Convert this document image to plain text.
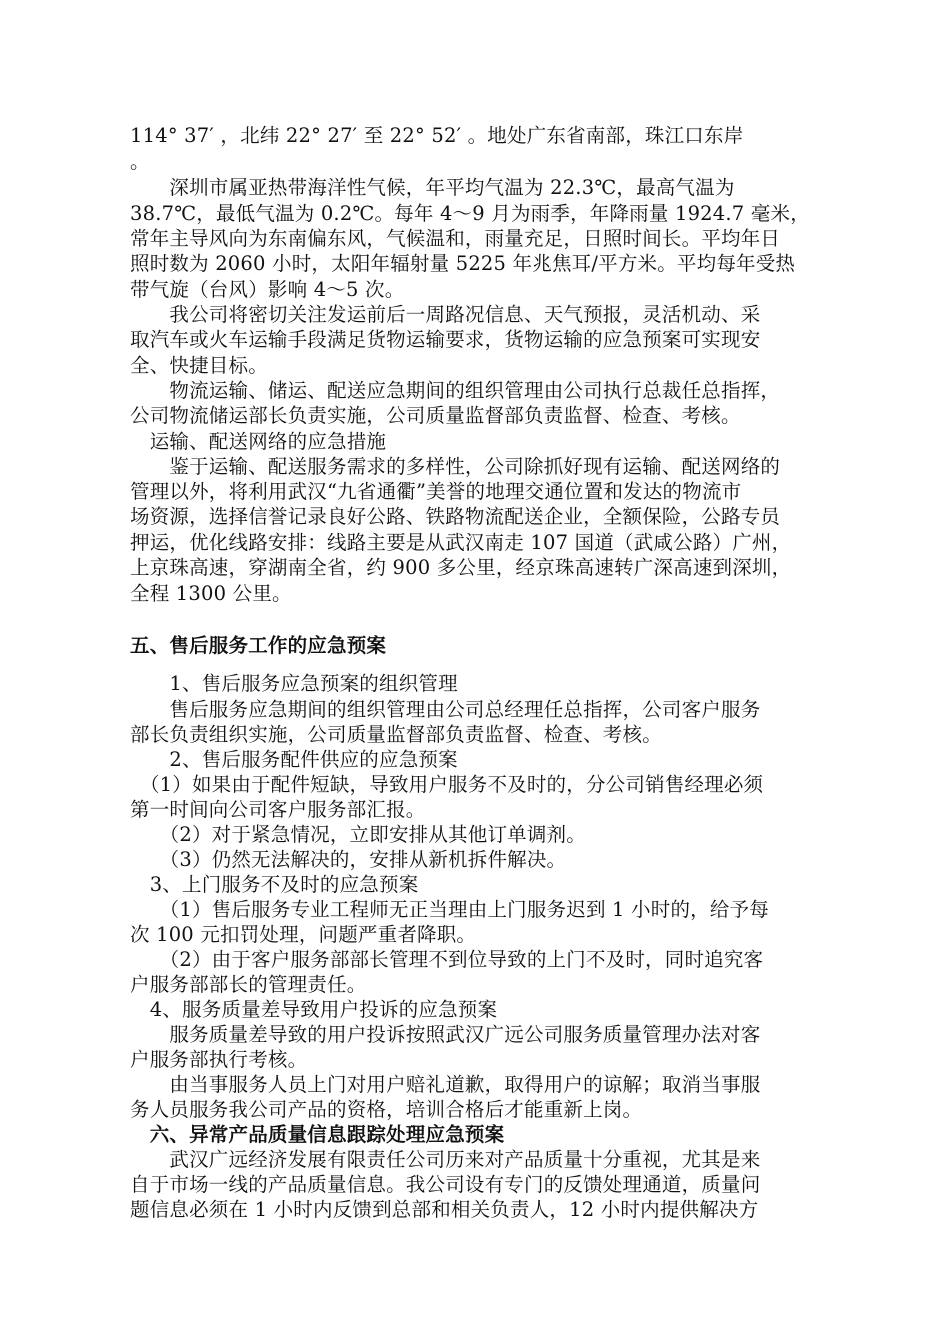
114° 37′ ，北纬 22° 27′ 至 22° 52′ 。地处广东省南部，珠江口东岸
。
　　深圳市属亚热带海洋性气候，年平均气温为 22.3℃，最高气温为
38.7℃，最低气温为 0.2℃。每年 4～9 月为雨季，年降雨量 1924.7 毫米，
常年主导风向为东南偏东风，气候温和，雨量充足，日照时间长。平均年日
照时数为 2060 小时，太阳年辐射量 5225 年兆焦耳/平方米。平均每年受热
带气旋（台风）影响 4～5 次。
　　我公司将密切关注发运前后一周路况信息、天气预报，灵活机动、采
取汽车或火车运输手段满足货物运输要求，货物运输的应急预案可实现安
全、快捷目标。
　　物流运输、储运、配送应急期间的组织管理由公司执行总裁任总指挥，
公司物流储运部长负责实施，公司质量监督部负责监督、检查、考核。
　运输、配送网络的应急措施
　　鉴于运输、配送服务需求的多样性，公司除抓好现有运输、配送网络的
管理以外，将利用武汉“九省通衢”美誉的地理交通位置和发达的物流市
场资源，选择信誉记录良好公路、铁路物流配送企业，全额保险，公路专员
押运，优化线路安排：线路主要是从武汉南走 107 国道（武咸公路）广州，
上京珠高速，穿湖南全省，约 900 多公里，经京珠高速转广深高速到深圳，
全程 1300 公里。
五、售后服务工作的应急预案
　　1、售后服务应急预案的组织管理
　　售后服务应急期间的组织管理由公司总经理任总指挥，公司客户服务
部长负责组织实施，公司质量监督部负责监督、检查、考核。
　　2、售后服务配件供应的应急预案
　（1）如果由于配件短缺，导致用户服务不及时的，分公司销售经理必须
第一时间向公司客户服务部汇报。
　　（2）对于紧急情况，立即安排从其他订单调剂。
　　（3）仍然无法解决的，安排从新机拆件解决。
　3、上门服务不及时的应急预案
　　（1）售后服务专业工程师无正当理由上门服务迟到 1 小时的，给予每
次 100 元扣罚处理，问题严重者降职。
　　（2）由于客户服务部部长管理不到位导致的上门不及时，同时追究客
户服务部部长的管理责任。
　4、服务质量差导致用户投诉的应急预案
　　服务质量差导致的用户投诉按照武汉广远公司服务质量管理办法对客
户服务部执行考核。
　　由当事服务人员上门对用户赔礼道歉，取得用户的谅解；取消当事服
务人员服务我公司产品的资格，培训合格后才能重新上岗。
　六、异常产品质量信息跟踪处理应急预案
　　武汉广远经济发展有限责任公司历来对产品质量十分重视，尤其是来
自于市场一线的产品质量信息。我公司设有专门的反馈处理通道，质量问
题信息必须在 1 小时内反馈到总部和相关负责人，12 小时内提供解决方
